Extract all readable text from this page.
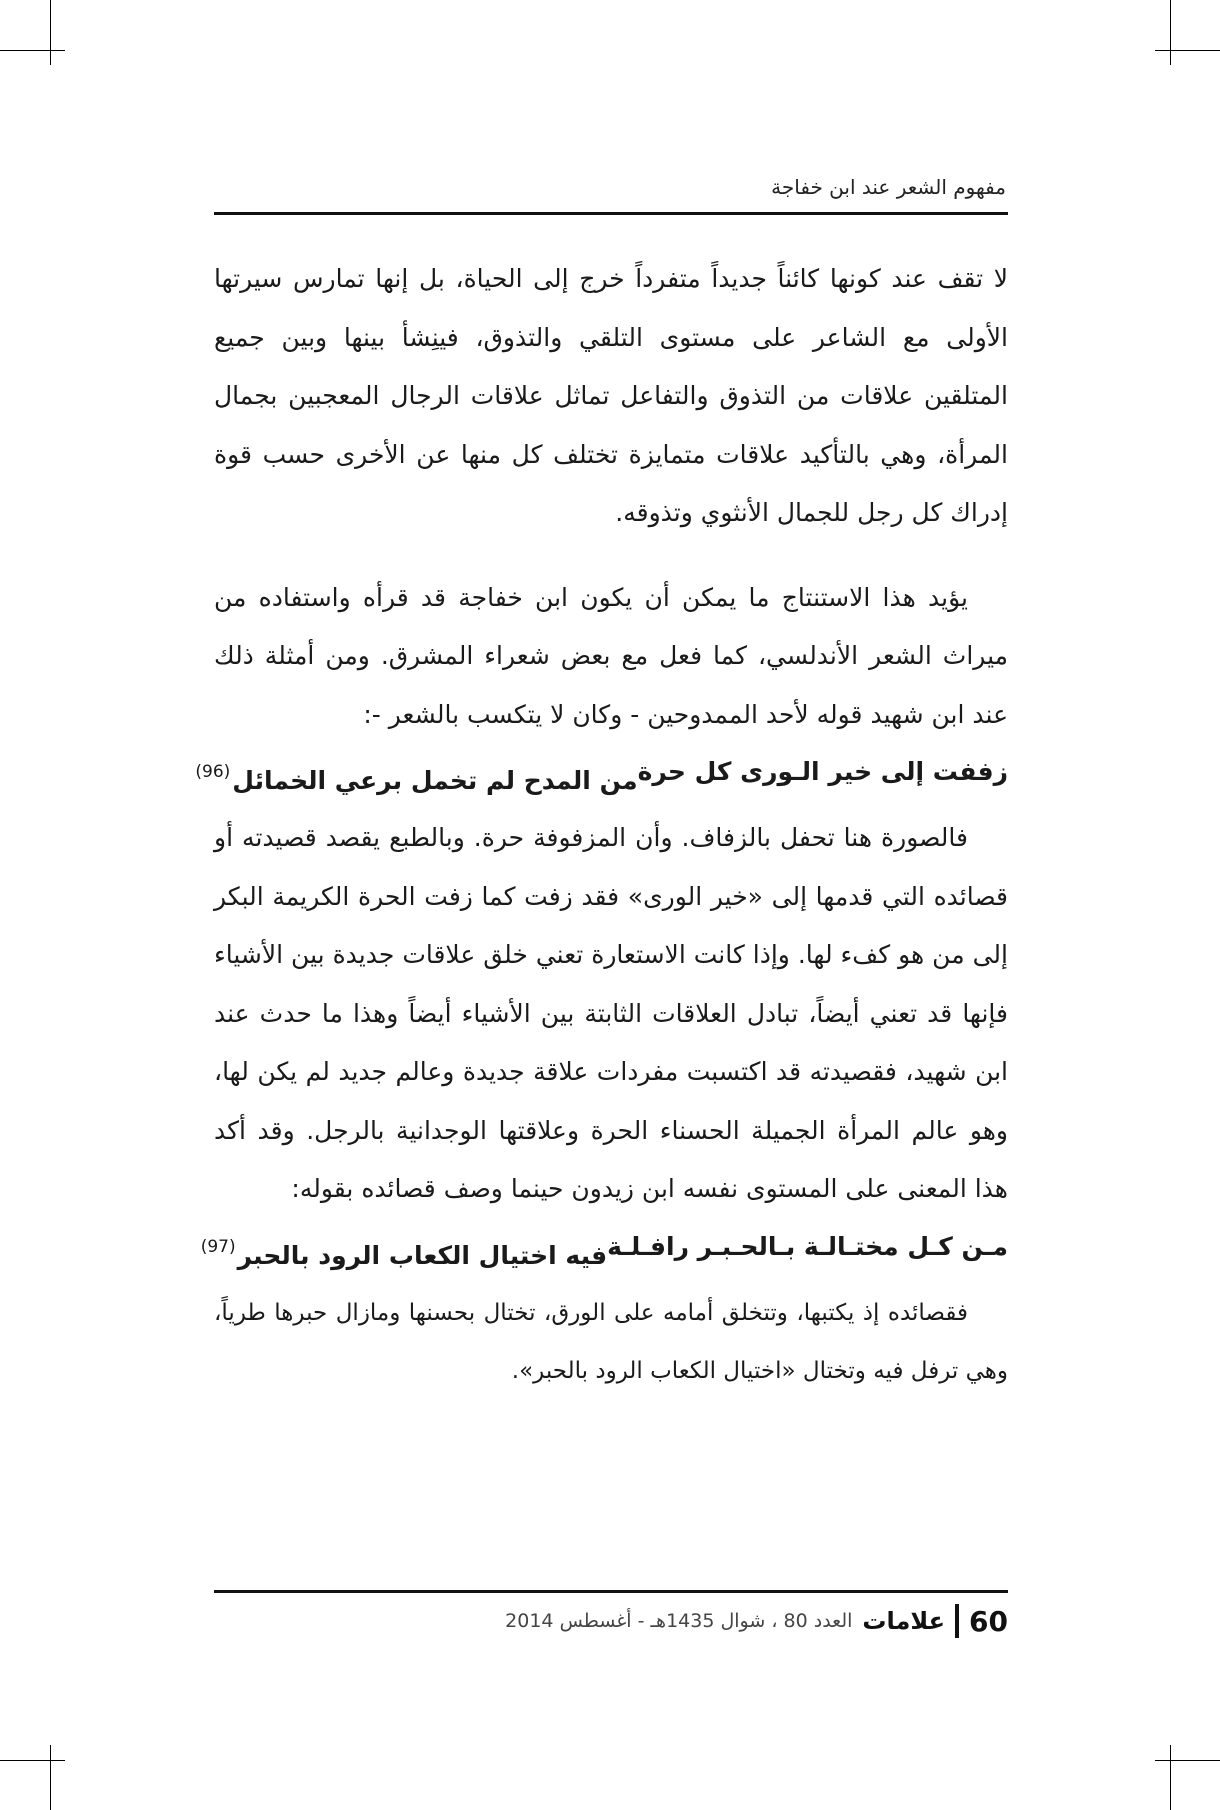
مفهوم الشعر عند ابن خفاجة

لا تقف عند كونها كائناً جديداً متفرداً خرج إلى الحياة، بل إنها تمارس سيرتها الأولى مع الشاعر على مستوى التلقي والتذوق، فينِشأ بينها وبين جميع المتلقين علاقات من التذوق والتفاعل تماثل علاقات الرجال المعجبين بجمال المرأة، وهي بالتأكيد علاقات متمايزة تختلف كل منها عن الأخرى حسب قوة إدراك كل رجل للجمال الأنثوي وتذوقه.

يؤيد هذا الاستنتاج ما يمكن أن يكون ابن خفاجة قد قرأه واستفاده من ميراث الشعر الأندلسي، كما فعل مع بعض شعراء المشرق. ومن أمثلة ذلك عند ابن شهيد قوله لأحد الممدوحين - وكان لا يتكسب بالشعر -:

زففت إلى خير الـورى كل حرة
من المدح لم تخمل برعي الخمائل$^{(96)}$

فالصورة هنا تحفل بالزفاف. وأن المزفوفة حرة. وبالطبع يقصد قصيدته أو قصائده التي قدمها إلى «خير الورى» فقد زفت كما زفت الحرة الكريمة البكر إلى من هو كفء لها. وإذا كانت الاستعارة تعني خلق علاقات جديدة بين الأشياء فإنها قد تعني أيضاً، تبادل العلاقات الثابتة بين الأشياء أيضاً وهذا ما حدث عند ابن شهيد، فقصيدته قد اكتسبت مفردات علاقة جديدة وعالم جديد لم يكن لها، وهو عالم المرأة الجميلة الحسناء الحرة وعلاقتها الوجدانية بالرجل. وقد أكد هذا المعنى على المستوى نفسه ابن زيدون حينما وصف قصائده بقوله:

مـن كـل مختـالـة بـالحـبـر رافـلـة
فيه اختيال الكعاب الرود بالحبر$^{(97)}$

فقصائده إذ يكتبها، وتتخلق أمامه على الورق، تختال بحسنها ومازال حبرها طرياً، وهي ترفل فيه وتختال «اختيال الكعاب الرود بالحبر».

60
علامات
العدد 80 ، شوال 1435هـ - أغسطس 2014
